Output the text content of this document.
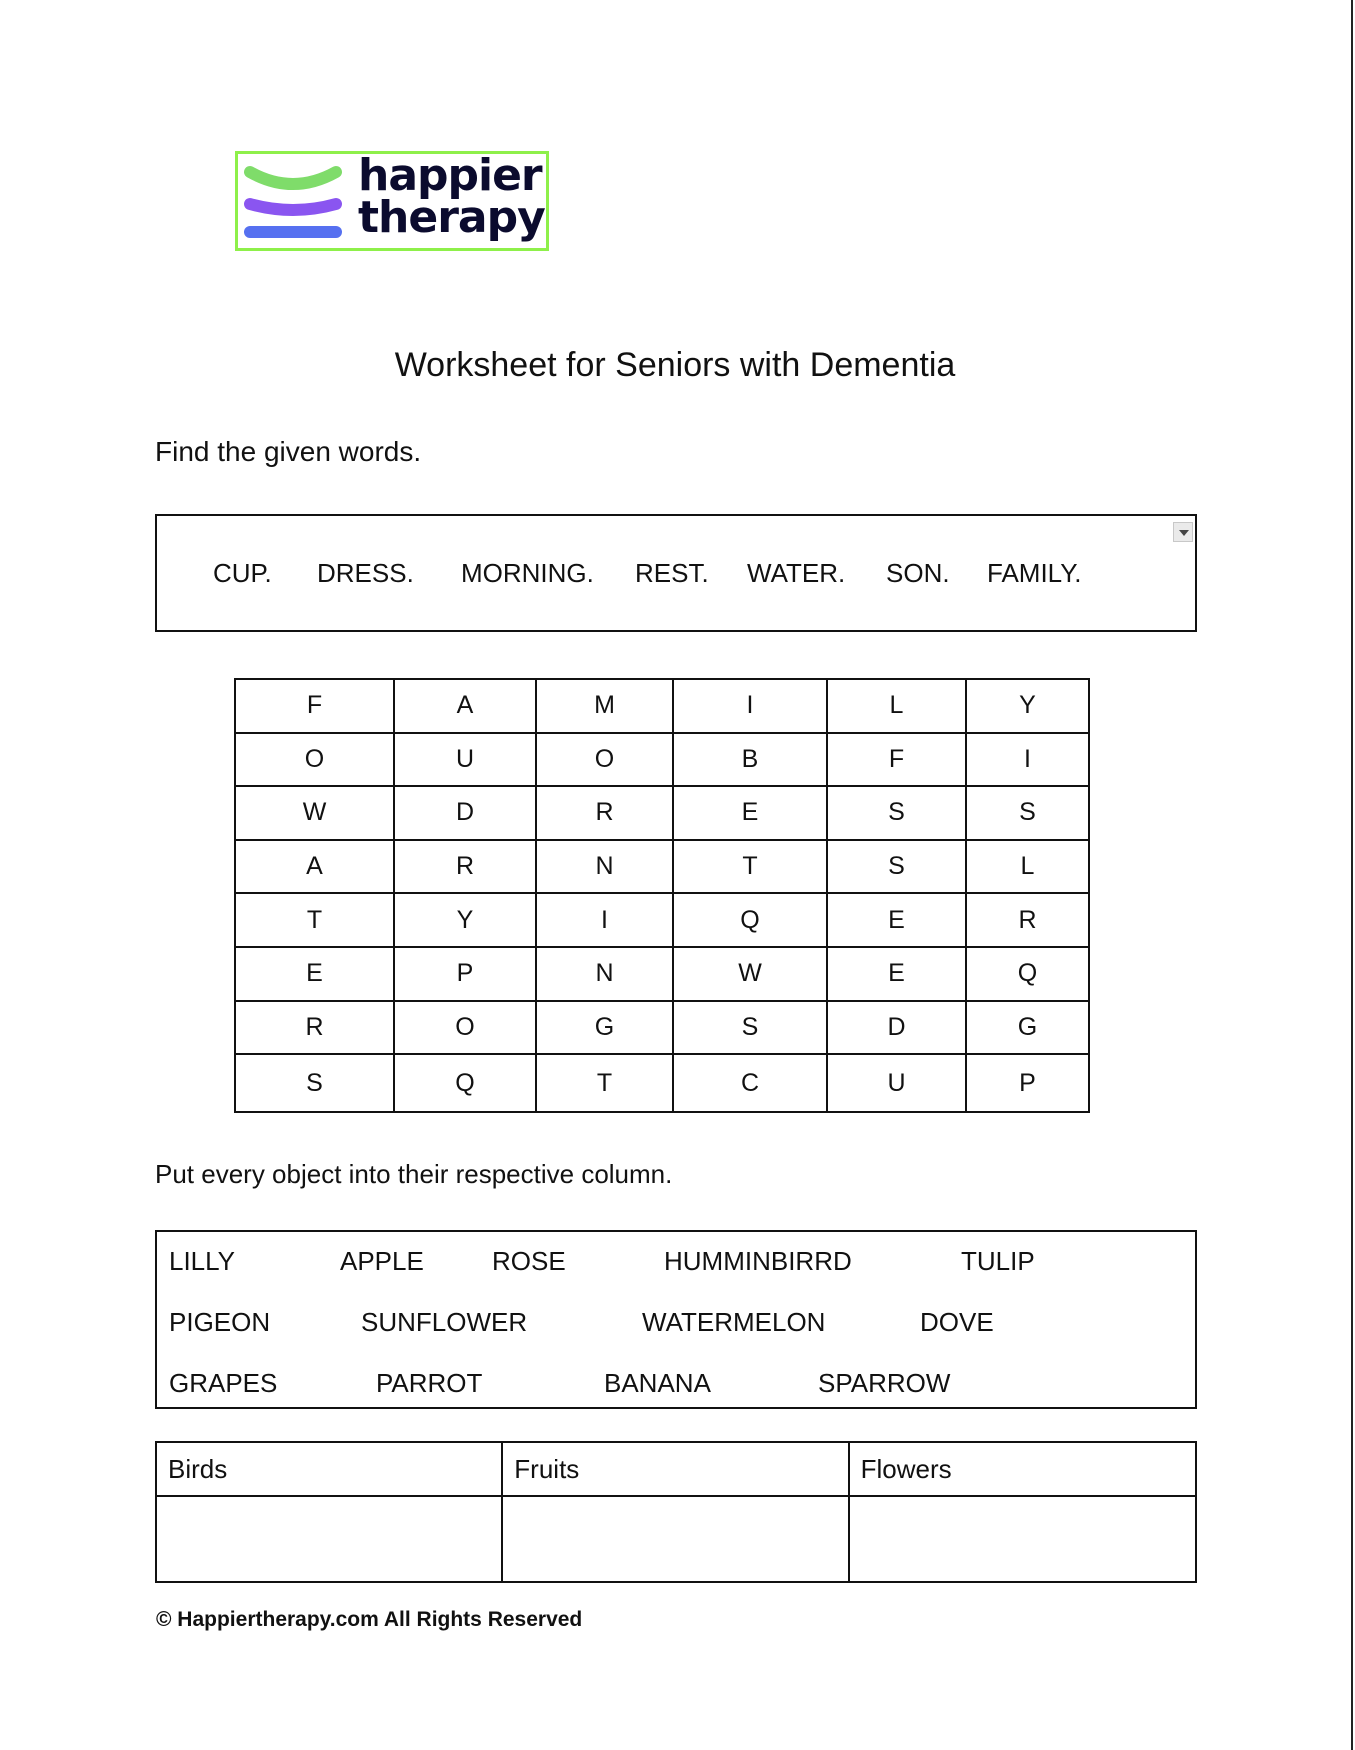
happier
therapy
Worksheet for Seniors with Dementia
Find the given words.
CUP. DRESS. MORNING. REST. WATER. SON. FAMILY.
F	A	M	I	L	Y
O	U	O	B	F	I
W	D	R	E	S	S
A	R	N	T	S	L
T	Y	I	Q	E	R
E	P	N	W	E	Q
R	O	G	S	D	G
S	Q	T	C	U	P
Put every object into their respective column.
LILLY	APPLE	ROSE	HUMMINBIRRD	TULIP
PIGEON	SUNFLOWER	WATERMELON	DOVE
GRAPES	PARROT	BANANA	SPARROW
Birds	Fruits	Flowers

© Happiertherapy.com All Rights Reserved
